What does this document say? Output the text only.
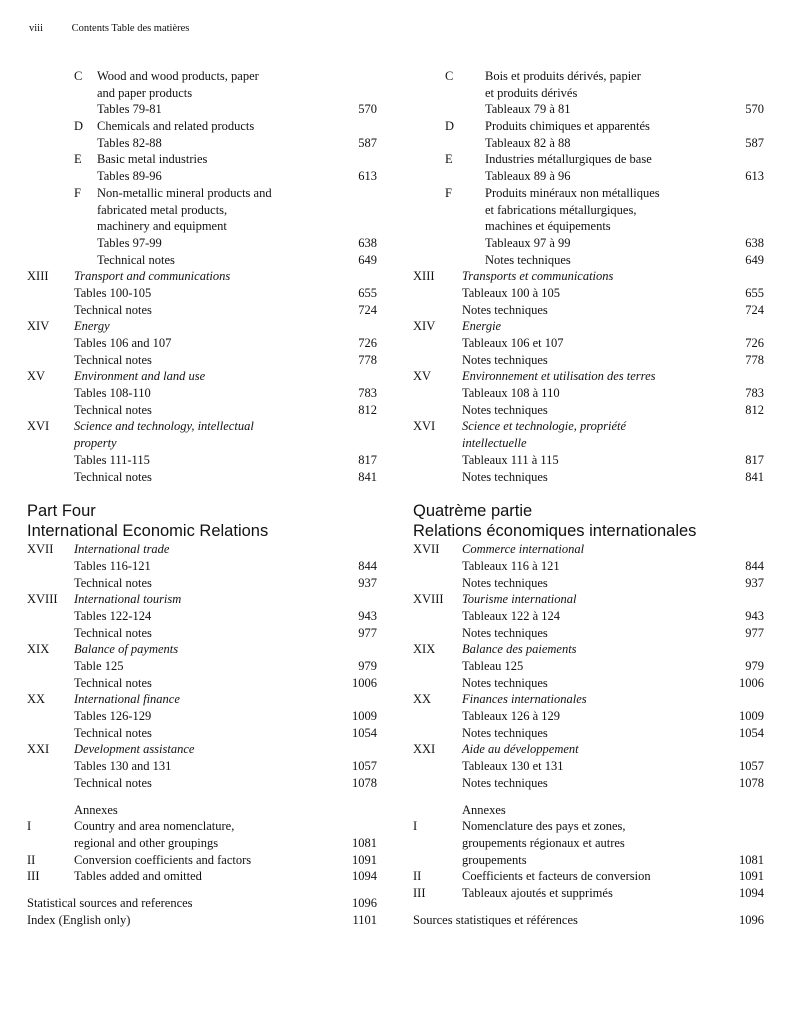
viii	Contents Table des matières
C Wood and wood products, paper
and paper products
Tables 79-81	570
D Chemicals and related products
Tables 82-88	587
E Basic metal industries
Tables 89-96	613
F Non-metallic mineral products and
fabricated metal products,
machinery and equipment
Tables 97-99	638
Technical notes	649
XIII Transport and communications
Tables 100-105	655
Technical notes	724
XIV Energy
Tables 106 and 107	726
Technical notes	778
XV Environment and land use
Tables 108-110	783
Technical notes	812
XVI Science and technology, intellectual
property
Tables 111-115	817
Technical notes	841
Part Four
International Economic Relations
XVII International trade
Tables 116-121	844
Technical notes	937
XVIII International tourism
Tables 122-124	943
Technical notes	977
XIX Balance of payments
Table 125	979
Technical notes	1006
XX International finance
Tables 126-129	1009
Technical notes	1054
XXI Development assistance
Tables 130 and 131	1057
Technical notes	1078
Annexes
I	Country and area nomenclature,
regional and other groupings	1081
II	Conversion coefficients and factors	1091
III	Tables added and omitted	1094
Statistical sources and references	1096
Index (English only)	1101
C	Bois et produits dérivés, papier
et produits dérivés
Tableaux 79 à 81	570
D Produits chimiques et apparentés
Tableaux 82 à 88	587
E	Industries métallurgiques de base
Tableaux 89 à 96	613
F	Produits minéraux non métalliques
et fabrications métallurgiques,
machines et équipements
Tableaux 97 à 99	638
Notes techniques	649
XIII Transports et communications
Tableaux 100 à 105	655
Notes techniques	724
XIV Energie
Tableaux 106 et 107	726
Notes techniques	778
XV Environnement et utilisation des terres
Tableaux 108 à 110	783
Notes techniques	812
XVI Science et technologie, propriété
intellectuelle
Tableaux 111 à 115	817
Notes techniques	841
Quatrème partie
Relations économiques internationales
XVII Commerce international
Tableaux 116 à 121	844
Notes techniques	937
XVIII Tourisme international
Tableaux 122 à 124	943
Notes techniques	977
XIX Balance des paiements
Tableau 125	979
Notes techniques	1006
XX Finances internationales
Tableaux 126 à 129	1009
Notes techniques	1054
XXI Aide au développement
Tableaux 130 et 131	1057
Notes techniques	1078
Annexes
I	Nomenclature des pays et zones,
groupements régionaux et autres
groupements	1081
II	Coefficients et facteurs de conversion	1091
III	Tableaux ajoutés et supprimés	1094
Sources statistiques et références	1096
